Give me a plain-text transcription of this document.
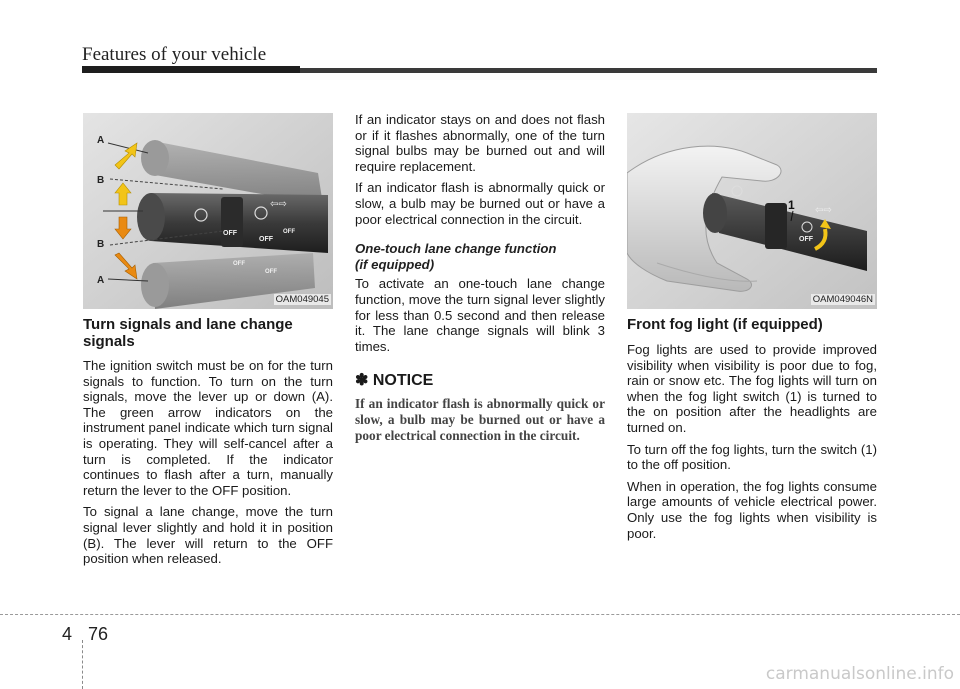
Features of your vehicle
⇦⇨
A
B
B
A
OFF
OFF
OFF
OFF
OFF
OAM049045
Turn signals and lane change signals

The ignition switch must be on for the turn signals to function. To turn on the turn signals, move the lever up or down (A). The green arrow indicators on the instrument panel indicate which turn signal is operating. They will self-cancel after a turn is completed. If the indicator continues to flash after a turn, manually return the lever to the OFF position.

To signal a lane change, move the turn signal lever slightly and hold it in position (B). The lever will return to the OFF position when released.

If an indicator stays on and does not flash or if it flashes abnormally, one of the turn signal bulbs may be burned out and will require replacement.

If an indicator flash is abnormally quick or slow, a bulb may be burned out or have a poor electrical connection in the circuit.

One-touch lane change function

(if equipped)

To activate an one-touch lane change function, move the turn signal lever slightly for less than 0.5 second and then release it. The lane change signals will blink 3 times.

✽ NOTICE

If an indicator flash is abnormally quick or slow, a bulb may be burned out or have a poor electrical connection in the circuit.

⇦⇨
1
OFF
OAM049046N
Front fog light (if equipped)

Fog lights are used to provide improved visibility when visibility is poor due to fog, rain or snow etc. The fog lights will turn on when the fog light switch (1) is turned to the on position after the headlights are turned on.

To turn off the fog lights, turn the switch (1) to the off position.

When in operation, the fog lights consume large amounts of vehicle electrical power. Only use the fog lights when visibility is poor.

4 76
carmanualsonline.info
